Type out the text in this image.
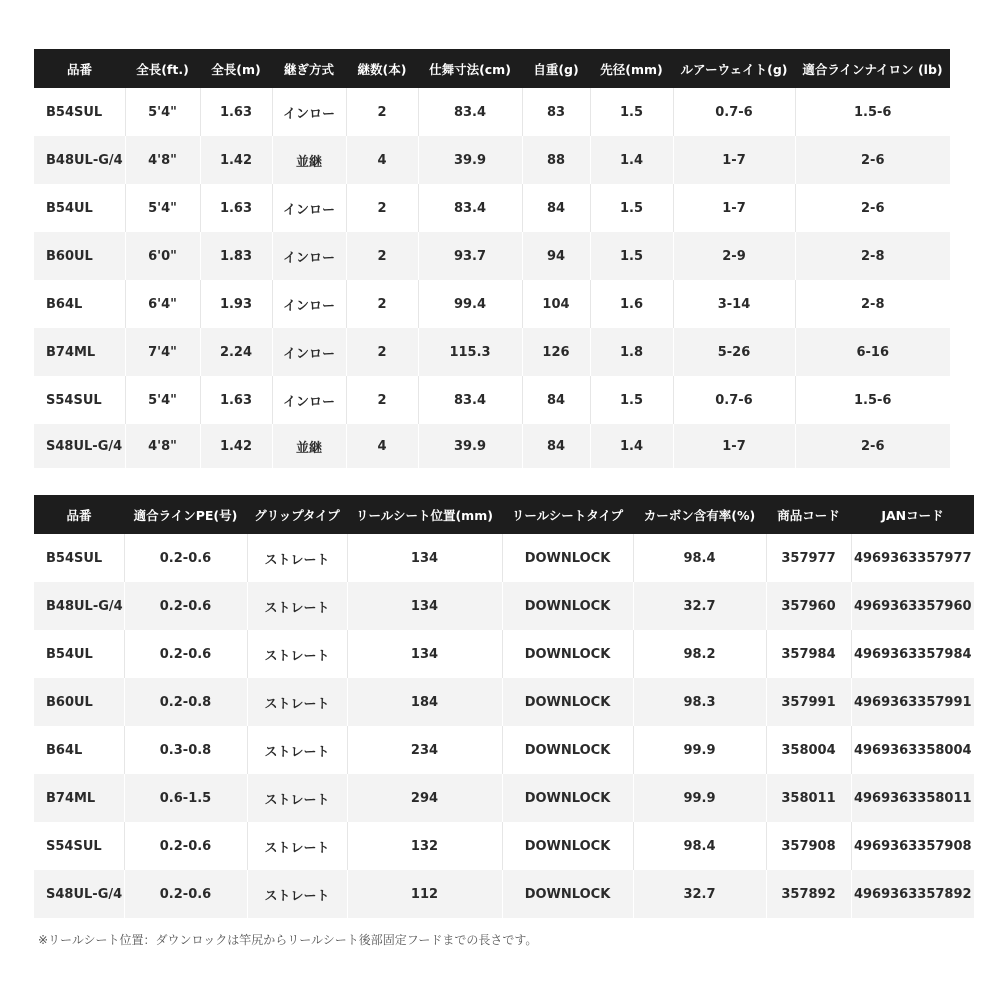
品番	全長(ft.)	全長(m)	継ぎ方式	継数(本)	仕舞寸法(cm)	自重(g)	先径(mm)	ルアーウェイト(g)	適合ラインナイロン (lb)
B54SUL	5'4"	1.63	インロー	2	83.4	83	1.5	0.7-6	1.5-6
B48UL-G/4	4'8"	1.42	並継	4	39.9	88	1.4	1-7	2-6
B54UL	5'4"	1.63	インロー	2	83.4	84	1.5	1-7	2-6
B60UL	6'0"	1.83	インロー	2	93.7	94	1.5	2-9	2-8
B64L	6'4"	1.93	インロー	2	99.4	104	1.6	3-14	2-8
B74ML	7'4"	2.24	インロー	2	115.3	126	1.8	5-26	6-16
S54SUL	5'4"	1.63	インロー	2	83.4	84	1.5	0.7-6	1.5-6
S48UL-G/4	4'8"	1.42	並継	4	39.9	84	1.4	1-7	2-6
品番	適合ラインPE(号)	グリップタイプ	リールシート位置(mm)	リールシートタイプ	カーボン含有率(%)	商品コード	JANコード
B54SUL	0.2-0.6	ストレート	134	DOWNLOCK	98.4	357977	4969363357977
B48UL-G/4	0.2-0.6	ストレート	134	DOWNLOCK	32.7	357960	4969363357960
B54UL	0.2-0.6	ストレート	134	DOWNLOCK	98.2	357984	4969363357984
B60UL	0.2-0.8	ストレート	184	DOWNLOCK	98.3	357991	4969363357991
B64L	0.3-0.8	ストレート	234	DOWNLOCK	99.9	358004	4969363358004
B74ML	0.6-1.5	ストレート	294	DOWNLOCK	99.9	358011	4969363358011
S54SUL	0.2-0.6	ストレート	132	DOWNLOCK	98.4	357908	4969363357908
S48UL-G/4	0.2-0.6	ストレート	112	DOWNLOCK	32.7	357892	4969363357892
※リールシート位置：ダウンロックは竿尻からリールシート後部固定フードまでの長さです。
